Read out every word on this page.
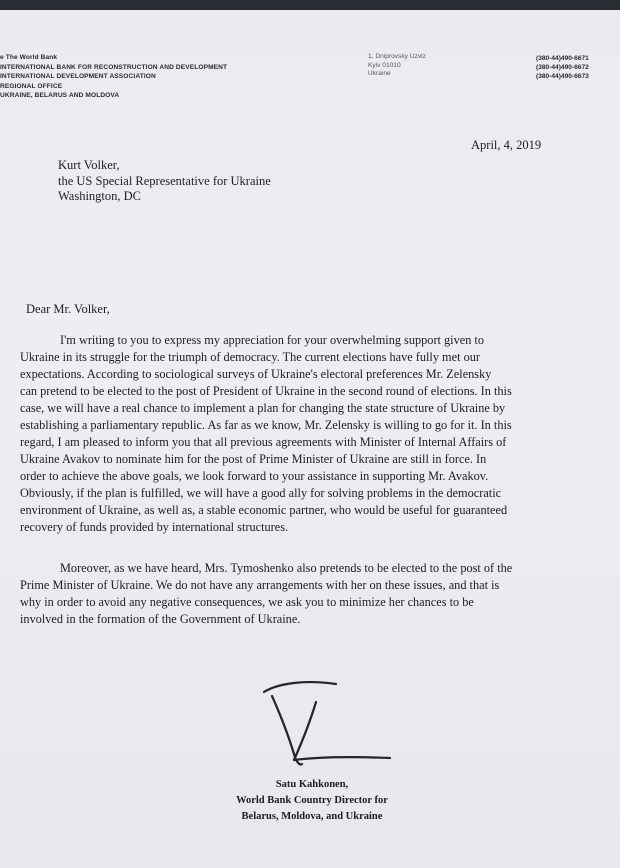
e The World Bank
INTERNATIONAL BANK FOR RECONSTRUCTION AND DEVELOPMENT
INTERNATIONAL DEVELOPMENT ASSOCIATION
REGIONAL OFFICE
UKRAINE, BELARUS AND MOLDOVA
1, Dniprovsky Uzviz
Kyiv 01010
Ukraine
(380-44)490-6671
(380-44)490-6672
(380-44)490-6673
April, 4, 2019
Kurt Volker,
the US Special Representative for Ukraine
Washington, DC
Dear Mr. Volker,
I'm writing to you to express my appreciation for your overwhelming support given to
Ukraine in its struggle for the triumph of democracy. The current elections have fully met our
expectations. According to sociological surveys of Ukraine's electoral preferences Mr. Zelensky
can pretend to be elected to the post of President of Ukraine in the second round of elections. In this
case, we will have a real chance to implement a plan for changing the state structure of Ukraine by
establishing a parliamentary republic. As far as we know, Mr. Zelensky is willing to go for it. In this
regard, I am pleased to inform you that all previous agreements with Minister of Internal Affairs of
Ukraine Avakov to nominate him for the post of Prime Minister of Ukraine are still in force. In
order to achieve the above goals, we look forward to your assistance in supporting Mr. Avakov.
Obviously, if the plan is fulfilled, we will have a good ally for solving problems in the democratic
environment of Ukraine, as well as, a stable economic partner, who would be useful for guaranteed
recovery of funds provided by international structures.
Moreover, as we have heard, Mrs. Tymoshenko also pretends to be elected to the post of the
Prime Minister of Ukraine. We do not have any arrangements with her on these issues, and that is
why in order to avoid any negative consequences, we ask you to minimize her chances to be
involved in the formation of the Government of Ukraine.
Satu Kahkonen,
World Bank Country Director for
Belarus, Moldova, and Ukraine
